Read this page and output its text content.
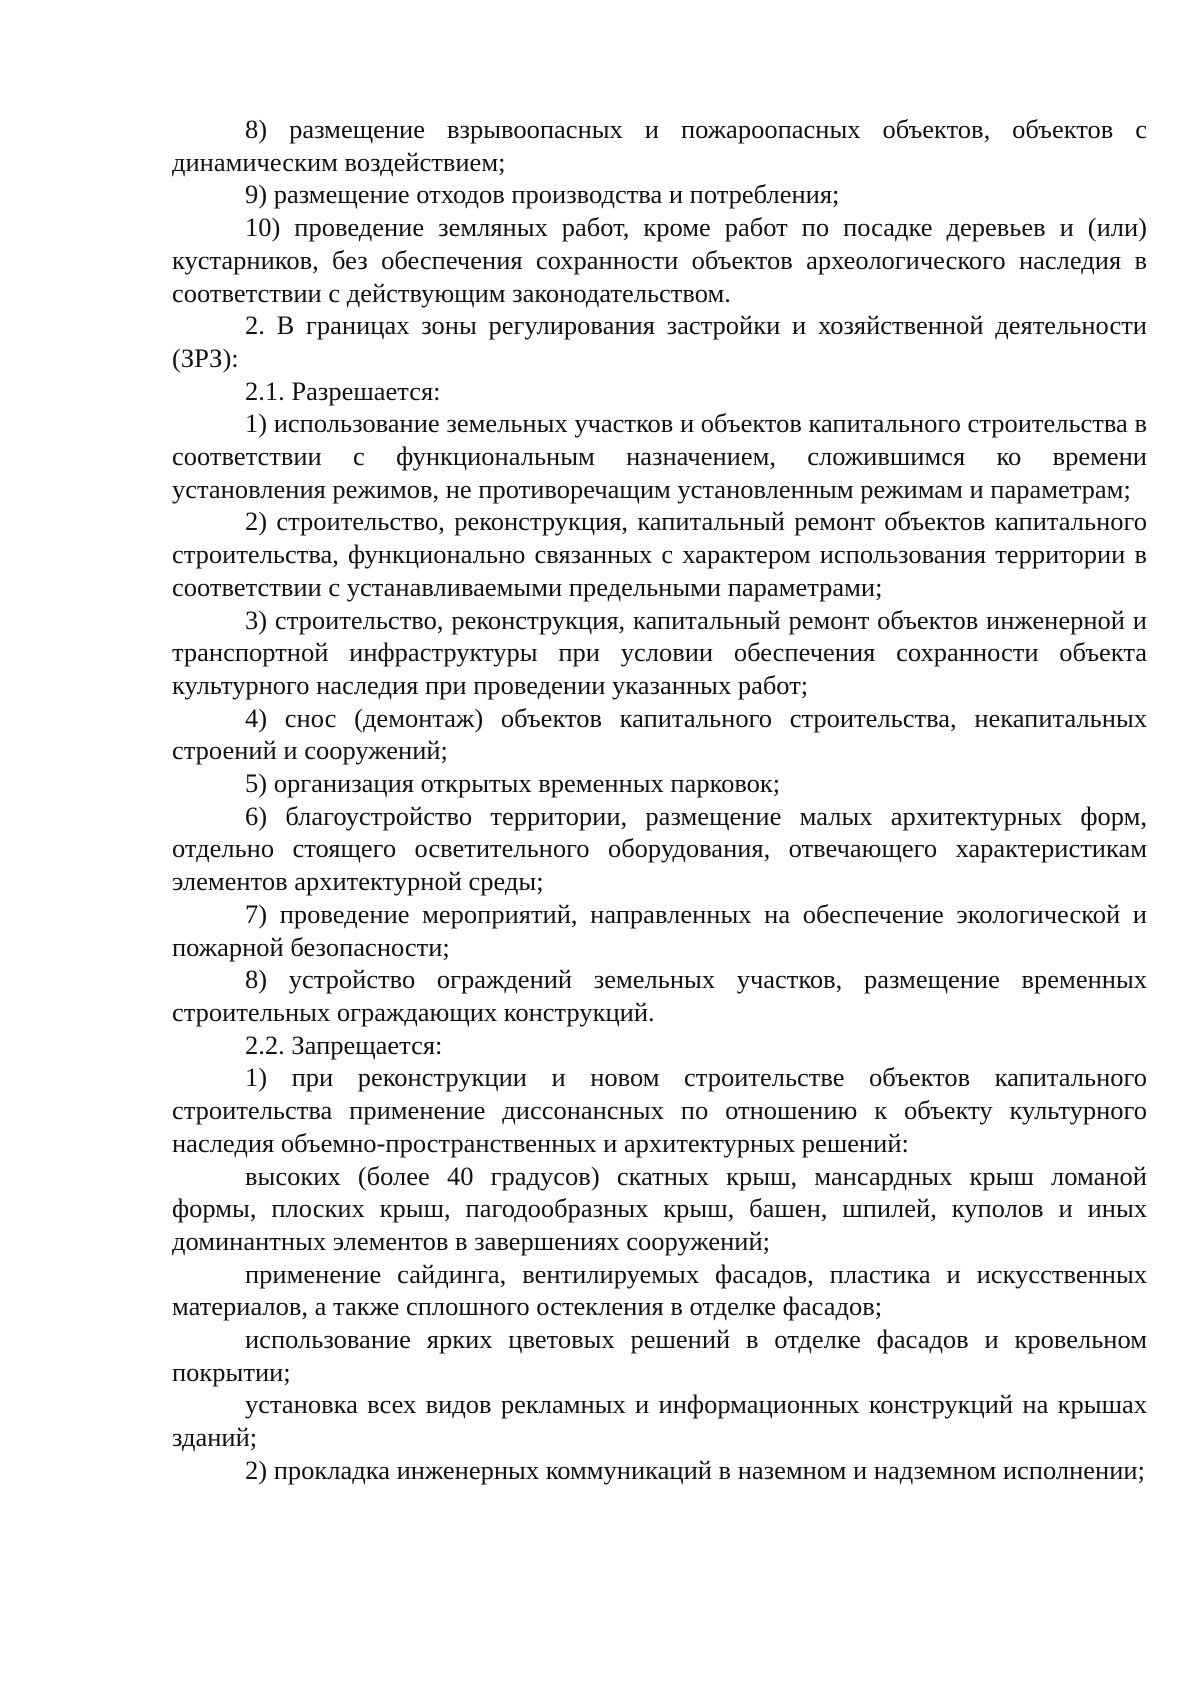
8) размещение взрывоопасных и пожароопасных объектов, объектов с динамическим воздействием;

9) размещение отходов производства и потребления;

10) проведение земляных работ, кроме работ по посадке деревьев и (или) кустарников, без обеспечения сохранности объектов археологического наследия в соответствии с действующим законодательством.

2. В границах зоны регулирования застройки и хозяйственной деятельности (ЗРЗ):

2.1. Разрешается:

1) использование земельных участков и объектов капитального строительства в соответствии с функциональным назначением, сложившимся ко времени установления режимов, не противоречащим установленным режимам и параметрам;

2) строительство, реконструкция, капитальный ремонт объектов капитального строительства, функционально связанных с характером использования территории в соответствии с устанавливаемыми предельными параметрами;

3) строительство, реконструкция, капитальный ремонт объектов инженерной и транспортной инфраструктуры при условии обеспечения сохранности объекта культурного наследия при проведении указанных работ;

4) снос (демонтаж) объектов капитального строительства, некапитальных строений и сооружений;

5) организация открытых временных парковок;

6) благоустройство территории, размещение малых архитектурных форм, отдельно стоящего осветительного оборудования, отвечающего характеристикам элементов архитектурной среды;

7) проведение мероприятий, направленных на обеспечение экологической и пожарной безопасности;

8) устройство ограждений земельных участков, размещение временных строительных ограждающих конструкций.

2.2. Запрещается:

1) при реконструкции и новом строительстве объектов капитального строительства применение диссонансных по отношению к объекту культурного наследия объемно-пространственных и архитектурных решений:

высоких (более 40 градусов) скатных крыш, мансардных крыш ломаной формы, плоских крыш, пагодообразных крыш, башен, шпилей, куполов и иных доминантных элементов в завершениях сооружений;

применение сайдинга, вентилируемых фасадов, пластика и искусственных материалов, а также сплошного остекления в отделке фасадов;

использование ярких цветовых решений в отделке фасадов и кровельном покрытии;

установка всех видов рекламных и информационных конструкций на крышах зданий;

2) прокладка инженерных коммуникаций в наземном и надземном исполнении;
